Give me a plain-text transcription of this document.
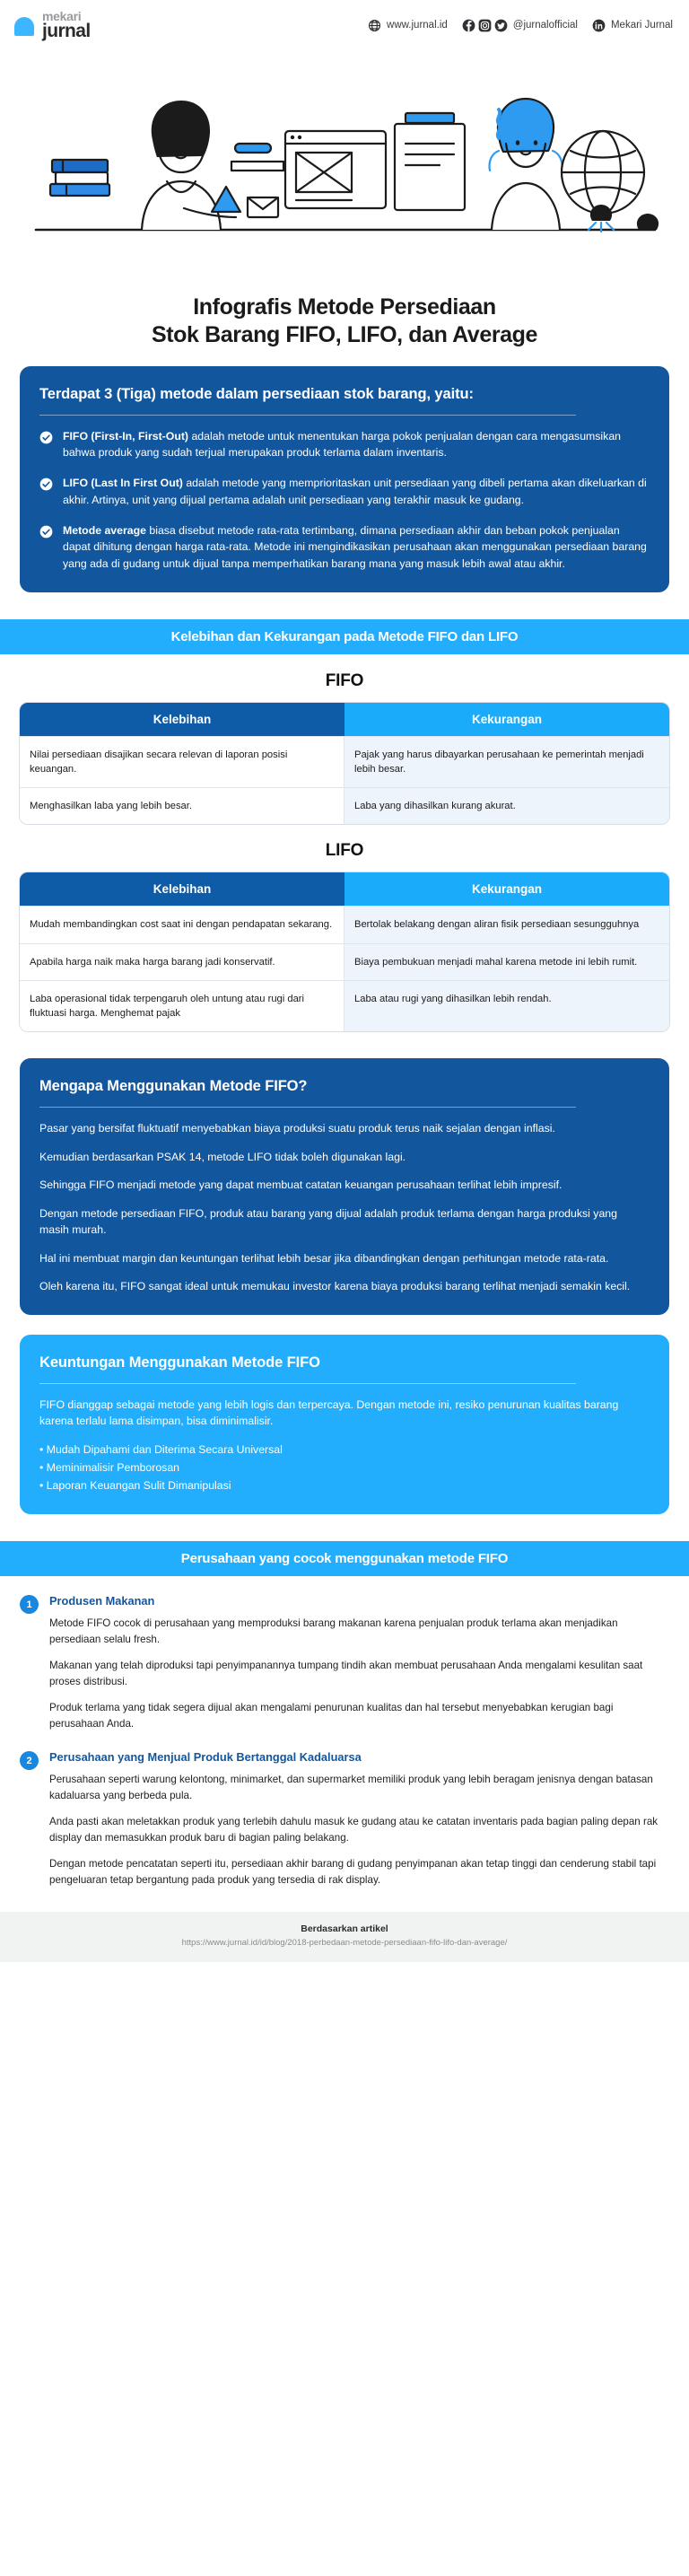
mekari
jurnal	www.jurnal.id	@jurnalofficial	Mekari Jurnal
Infografis Metode Persediaan
Stok Barang FIFO, LIFO, dan Average
Terdapat 3 (Tiga) metode dalam persediaan stok barang, yaitu:
FIFO (First-In, First-Out) adalah metode untuk menentukan harga pokok penjualan dengan cara mengasumsikan bahwa produk yang sudah terjual merupakan produk terlama dalam inventaris.
LIFO (Last In First Out) adalah metode yang memprioritaskan unit persediaan yang dibeli pertama akan dikeluarkan di akhir. Artinya, unit yang dijual pertama adalah unit persediaan yang terakhir masuk ke gudang.
Metode average biasa disebut metode rata-rata tertimbang, dimana persediaan akhir dan beban pokok penjualan dapat dihitung dengan harga rata-rata. Metode ini mengindikasikan perusahaan akan menggunakan persediaan barang yang ada di gudang untuk dijual tanpa memperhatikan barang mana yang masuk lebih awal atau akhir.
Kelebihan dan Kekurangan pada Metode FIFO dan LIFO
FIFO
Kelebihan	Kekurangan
Nilai persediaan disajikan secara relevan di laporan posisi keuangan.	Pajak yang harus dibayarkan perusahaan ke pemerintah menjadi lebih besar.
Menghasilkan laba yang lebih besar.	Laba yang dihasilkan kurang akurat.
LIFO
Kelebihan	Kekurangan
Mudah membandingkan cost saat ini dengan pendapatan sekarang.	Bertolak belakang dengan aliran fisik persediaan sesungguhnya
Apabila harga naik maka harga barang jadi konservatif.	Biaya pembukuan menjadi mahal karena metode ini lebih rumit.
Laba operasional tidak terpengaruh oleh untung atau rugi dari fluktuasi harga. Menghemat pajak	Laba atau rugi yang dihasilkan lebih rendah.
Mengapa Menggunakan Metode FIFO?

Pasar yang bersifat fluktuatif menyebabkan biaya produksi suatu produk terus naik sejalan dengan inflasi.

Kemudian berdasarkan PSAK 14, metode LIFO tidak boleh digunakan lagi.

Sehingga FIFO menjadi metode yang dapat membuat catatan keuangan perusahaan terlihat lebih impresif.

Dengan metode persediaan FIFO, produk atau barang yang dijual adalah produk terlama dengan harga produksi yang masih murah.

Hal ini membuat margin dan keuntungan terlihat lebih besar jika dibandingkan dengan perhitungan metode rata-rata.

Oleh karena itu, FIFO sangat ideal untuk memukau investor karena biaya produksi barang terlihat menjadi semakin kecil.

Keuntungan Menggunakan Metode FIFO

FIFO dianggap sebagai metode yang lebih logis dan terpercaya. Dengan metode ini, resiko penurunan kualitas barang karena terlalu lama disimpan, bisa diminimalisir.

• Mudah Dipahami dan Diterima Secara Universal
• Meminimalisir Pemborosan
• Laporan Keuangan Sulit Dimanipulasi
Perusahaan yang cocok menggunakan metode FIFO
1	Produsen Makanan

Metode FIFO cocok di perusahaan yang memproduksi barang makanan karena penjualan produk terlama akan menjadikan persediaan selalu fresh.

Makanan yang telah diproduksi tapi penyimpanannya tumpang tindih akan membuat perusahaan Anda mengalami kesulitan saat proses distribusi.

Produk terlama yang tidak segera dijual akan mengalami penurunan kualitas dan hal tersebut menyebabkan kerugian bagi perusahaan Anda.

2	Perusahaan yang Menjual Produk Bertanggal Kadaluarsa

Perusahaan seperti warung kelontong, minimarket, dan supermarket memiliki produk yang lebih beragam jenisnya dengan batasan kadaluarsa yang berbeda pula.

Anda pasti akan meletakkan produk yang terlebih dahulu masuk ke gudang atau ke catatan inventaris pada bagian paling depan rak display dan memasukkan produk baru di bagian paling belakang.

Dengan metode pencatatan seperti itu, persediaan akhir barang di gudang penyimpanan akan tetap tinggi dan cenderung stabil tapi pengeluaran tetap bergantung pada produk yang tersedia di rak display.

Berdasarkan artikel
https://www.jurnal.id/id/blog/2018-perbedaan-metode-persediaan-fifo-lifo-dan-average/
